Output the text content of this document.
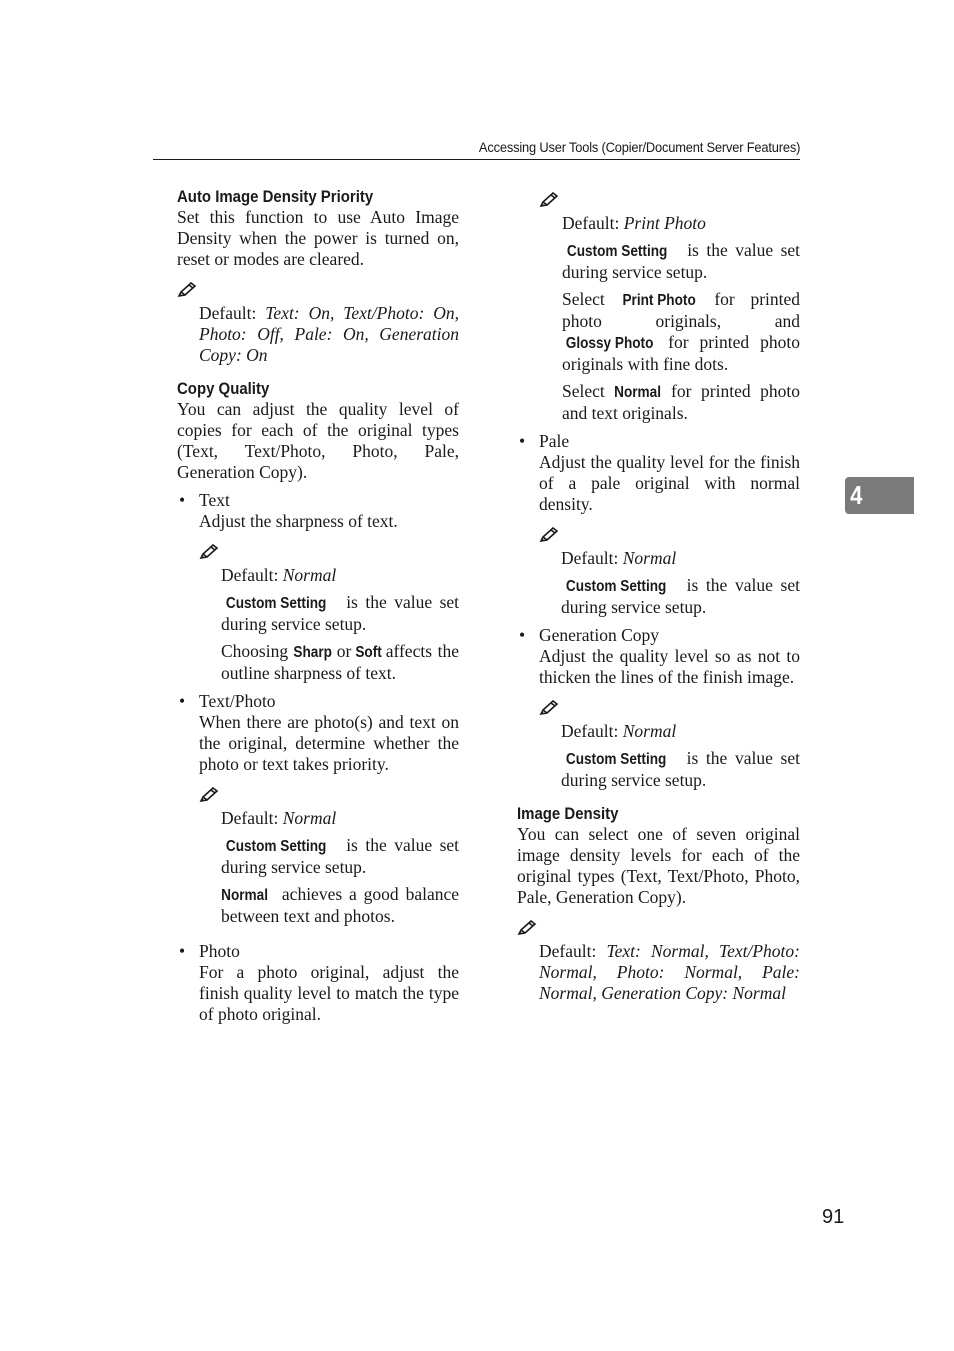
Accessing User Tools (Copier/Document Server Features)
4
Auto Image Density Priority

Set this function to use Auto Image Density when the power is turned on, reset or modes are cleared.

Default: Text: On, Text/Photo: On, Photo: Off, Pale: On, Generation Copy: On

Copy Quality

You can adjust the quality level of copies for each of the original types (Text, Text/Photo, Photo, Pale, Generation Copy).

• Text

Adjust the sharpness of text.

Default: Normal

Custom Setting is the value set during service setup.

Choosing Sharp or Soft affects the outline sharpness of text.

• Text/Photo

When there are photo(s) and text on the original, determine whether the photo or text takes priority.

Default: Normal

Custom Setting is the value set during service setup.

Normal achieves a good balance between text and photos.

• Photo

For a photo original, adjust the finish quality level to match the type of photo original.

Default: Print Photo

Custom Setting is the value set during service setup.

Select Print Photo for printed photo originals, and Glossy Photo for printed photo originals with fine dots.

Select Normal for printed photo and text originals.

• Pale

Adjust the quality level for the finish of a pale original with normal density.

Default: Normal

Custom Setting is the value set during service setup.

• Generation Copy

Adjust the quality level so as not to thicken the lines of the finish image.

Default: Normal

Custom Setting is the value set during service setup.

Image Density

You can select one of seven original image density levels for each of the original types (Text, Text/Photo, Photo, Pale, Generation Copy).

Default: Text: Normal, Text/Photo: Normal, Photo: Normal, Pale: Normal, Generation Copy: Normal

91
